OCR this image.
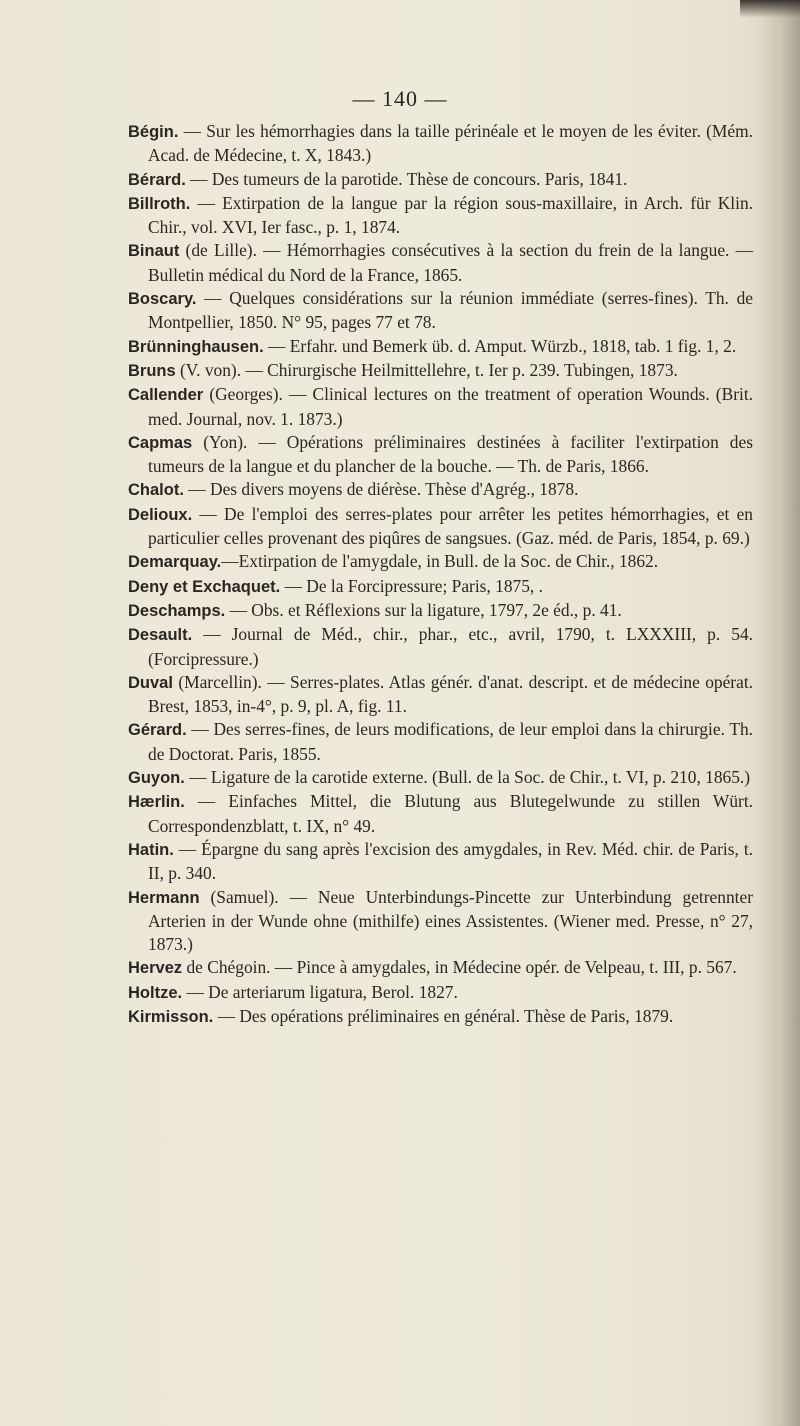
— 140 —
Bégin. — Sur les hémorrhagies dans la taille périnéale et le moyen de les éviter. (Mém. Acad. de Médecine, t. X, 1843.)
Bérard. — Des tumeurs de la parotide. Thèse de concours. Paris, 1841.
Billroth. — Extirpation de la langue par la région sous-maxillaire, in Arch. für Klin. Chir., vol. XVI, Ier fasc., p. 1, 1874.
Binaut (de Lille). — Hémorrhagies consécutives à la section du frein de la langue. — Bulletin médical du Nord de la France, 1865.
Boscary. — Quelques considérations sur la réunion immédiate (serres-fines). Th. de Montpellier, 1850. N° 95, pages 77 et 78.
Brünninghausen. — Erfahr. und Bemerk üb. d. Amput. Würzb., 1818, tab. 1 fig. 1, 2.
Bruns (V. von). — Chirurgische Heilmittellehre, t. Ier p. 239. Tubingen, 1873.
Callender (Georges). — Clinical lectures on the treatment of operation Wounds. (Brit. med. Journal, nov. 1. 1873.)
Capmas (Yon). — Opérations préliminaires destinées à faciliter l'extirpation des tumeurs de la langue et du plancher de la bouche. — Th. de Paris, 1866.
Chalot. — Des divers moyens de diérèse. Thèse d'Agrég., 1878.
Delioux. — De l'emploi des serres-plates pour arrêter les petites hémorrhagies, et en particulier celles provenant des piqûres de sangsues. (Gaz. méd. de Paris, 1854, p. 69.)
Demarquay.—Extirpation de l'amygdale, in Bull. de la Soc. de Chir., 1862.
Deny et Exchaquet. — De la Forcipressure; Paris, 1875, .
Deschamps. — Obs. et Réflexions sur la ligature, 1797, 2e éd., p. 41.
Desault. — Journal de Méd., chir., phar., etc., avril, 1790, t. LXXXIII, p. 54. (Forcipressure.)
Duval (Marcellin). — Serres-plates. Atlas génér. d'anat. descript. et de médecine opérat. Brest, 1853, in-4°, p. 9, pl. A, fig. 11.
Gérard. — Des serres-fines, de leurs modifications, de leur emploi dans la chirurgie. Th. de Doctorat. Paris, 1855.
Guyon. — Ligature de la carotide externe. (Bull. de la Soc. de Chir., t. VI, p. 210, 1865.)
Hærlin. — Einfaches Mittel, die Blutung aus Blutegelwunde zu stillen Würt. Correspondenzblatt, t. IX, n° 49.
Hatin. — Épargne du sang après l'excision des amygdales, in Rev. Méd. chir. de Paris, t. II, p. 340.
Hermann (Samuel). — Neue Unterbindungs-Pincette zur Unterbindung getrennter Arterien in der Wunde ohne (mithilfe) eines Assistentes. (Wiener med. Presse, n° 27, 1873.)
Hervez de Chégoin. — Pince à amygdales, in Médecine opér. de Velpeau, t. III, p. 567.
Holtze. — De arteriarum ligatura, Berol. 1827.
Kirmisson. — Des opérations préliminaires en général. Thèse de Paris, 1879.
